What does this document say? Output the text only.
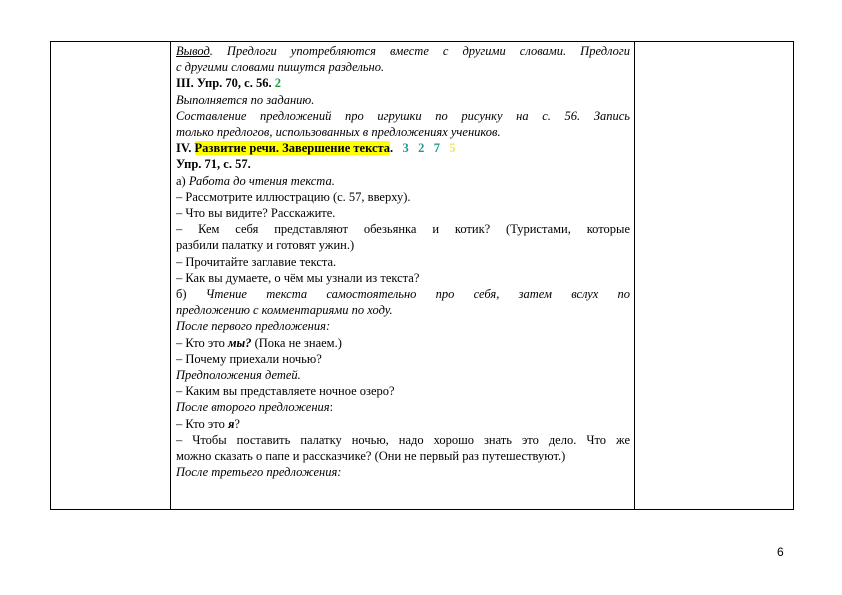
Вывод. Предлоги употребляются вместе с другими словами. Предлоги
с другими словами пишутся раздельно.
III. Упр. 70, с. 56. 2
Выполняется по заданию.
Составление предложений про игрушки по рисунку на с. 56. Запись
только предлогов, использованных в предложениях учеников.
IV. Развитие речи. Завершение текста. 3 2 7 5
Упр. 71, с. 57.
а) Работа до чтения текста.
– Рассмотрите иллюстрацию (с. 57, вверху).
– Что вы видите? Расскажите.
– Кем себя представляют обезьянка и котик? (Туристами, которые
разбили палатку и готовят ужин.)
– Прочитайте заглавие текста.
– Как вы думаете, о чём мы узнали из текста?
б) Чтение текста самостоятельно про себя, затем вслух по
предложению с комментариями по ходу.
После первого предложения:
– Кто это мы? (Пока не знаем.)
– Почему приехали ночью?
Предположения детей.
– Каким вы представляете ночное озеро?
После второго предложения:
– Кто это я?
– Чтобы поставить палатку ночью, надо хорошо знать это дело. Что же
можно сказать о папе и рассказчике? (Они не первый раз путешествуют.)
После третьего предложения:

6
